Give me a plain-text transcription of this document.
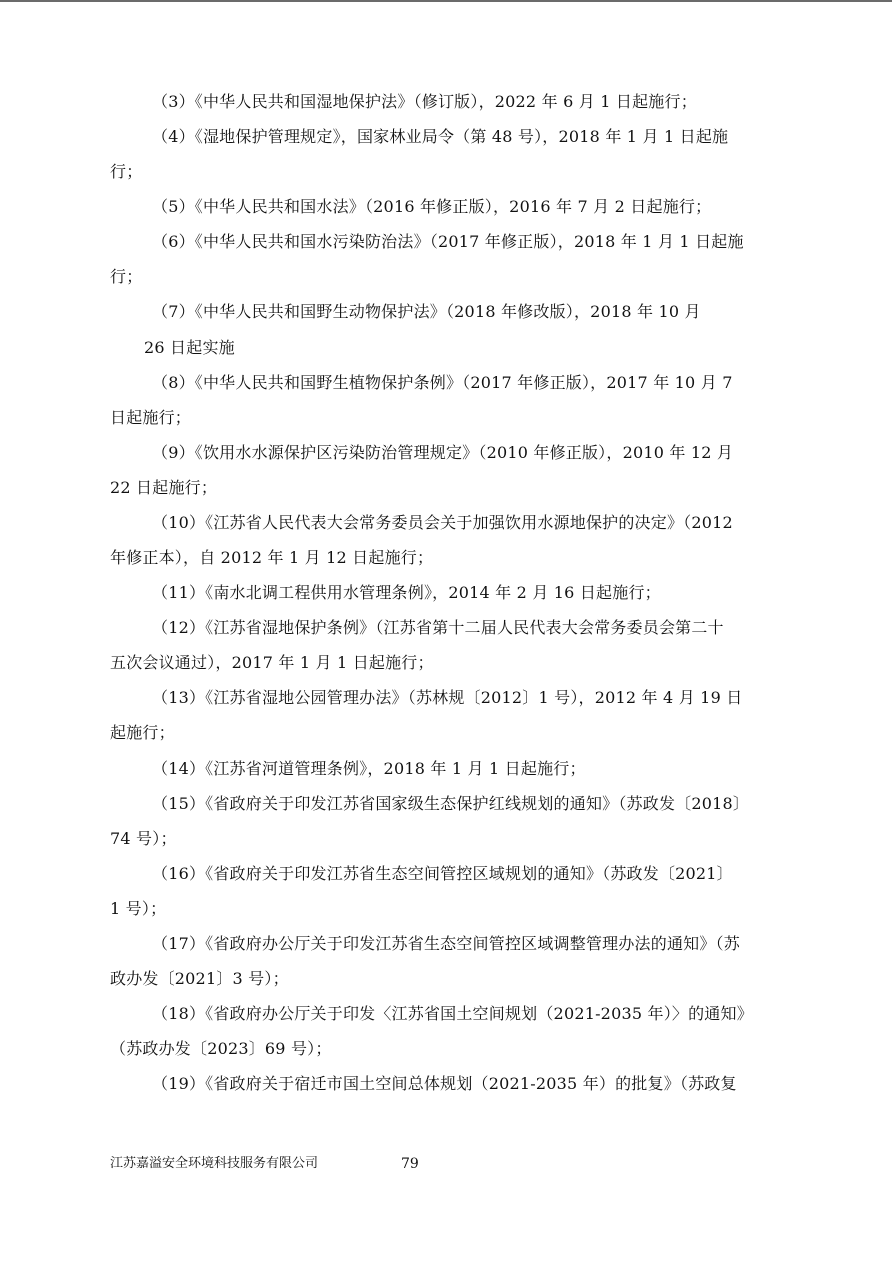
（3）《中华人民共和国湿地保护法》（修订版），2022 年 6 月 1 日起施行；
（4）《湿地保护管理规定》，国家林业局令（第 48 号），2018 年 1 月 1 日起施
行；
（5）《中华人民共和国水法》（2016 年修正版），2016 年 7 月 2 日起施行；
（6）《中华人民共和国水污染防治法》（2017 年修正版），2018 年 1 月 1 日起施
行；
（7）《中华人民共和国野生动物保护法》（2018 年修改版），2018 年 10 月
26 日起实施
（8）《中华人民共和国野生植物保护条例》（2017 年修正版），2017 年 10 月 7
日起施行；
（9）《饮用水水源保护区污染防治管理规定》（2010 年修正版），2010 年 12 月
22 日起施行；
（10）《江苏省人民代表大会常务委员会关于加强饮用水源地保护的决定》（2012
年修正本），自 2012 年 1 月 12 日起施行；
（11）《南水北调工程供用水管理条例》，2014 年 2 月 16 日起施行；
（12）《江苏省湿地保护条例》（江苏省第十二届人民代表大会常务委员会第二十
五次会议通过），2017 年 1 月 1 日起施行；
（13）《江苏省湿地公园管理办法》（苏林规〔2012〕1 号），2012 年 4 月 19 日
起施行；
（14）《江苏省河道管理条例》，2018 年 1 月 1 日起施行；
（15）《省政府关于印发江苏省国家级生态保护红线规划的通知》（苏政发〔2018〕
74 号）；
（16）《省政府关于印发江苏省生态空间管控区域规划的通知》（苏政发〔2021〕
1 号）；
（17）《省政府办公厅关于印发江苏省生态空间管控区域调整管理办法的通知》（苏
政办发〔2021〕3 号）；
（18）《省政府办公厅关于印发〈江苏省国土空间规划（2021-2035 年）〉的通知》
（苏政办发〔2023〕69 号）；
（19）《省政府关于宿迁市国土空间总体规划（2021-2035 年）的批复》（苏政复
江苏嘉溢安全环境科技服务有限公司	79
